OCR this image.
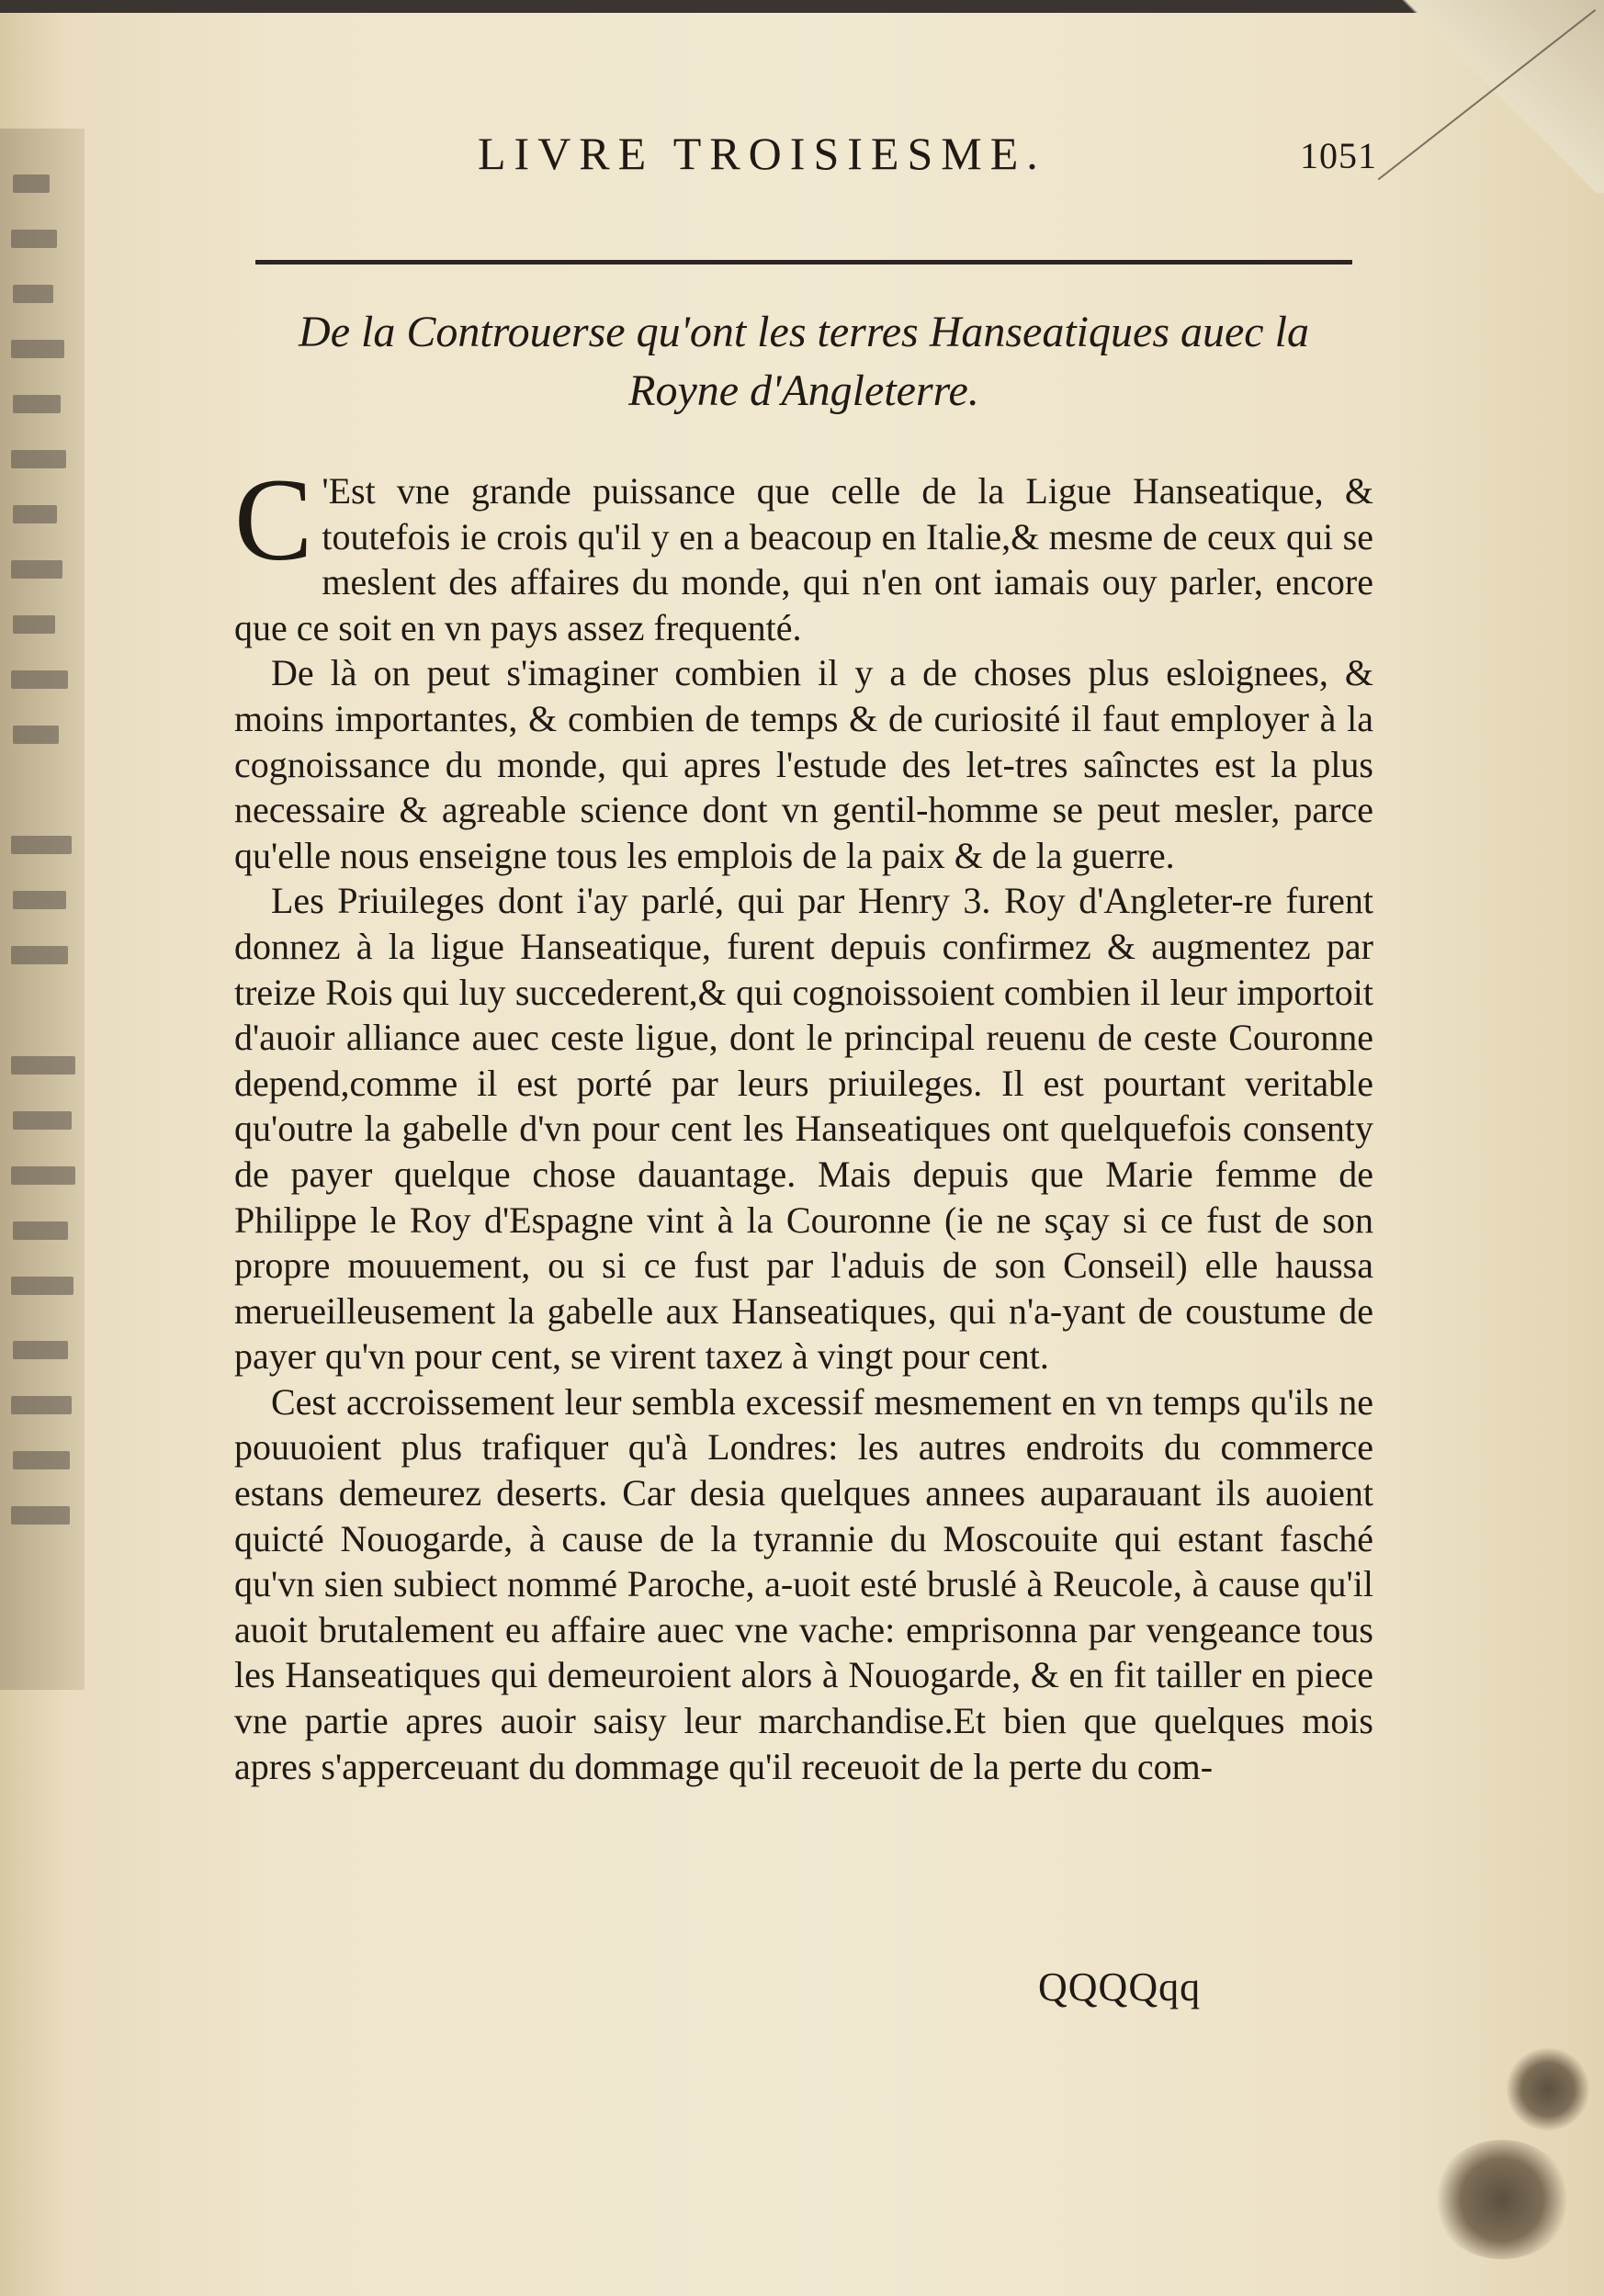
LIVRE TROISIESME.	1051
De la Controuerse qu'ont les terres Hanseatiques auec la
Royne d'Angleterre.

C 'Est vne grande puissance que celle de la Ligue Hanseatique, & toutefois ie crois qu'il y en a beacoup en Italie,& mesme de ceux qui se meslent des affaires du monde, qui n'en ont iamais ouy parler, encore que ce soit en vn pays assez frequenté.

De là on peut s'imaginer combien il y a de choses plus esloignees, & moins importantes, & combien de temps & de curiosité il faut employer à la cognoissance du monde, qui apres l'estude des let-tres saînctes est la plus necessaire & agreable science dont vn gentil-homme se peut mesler, parce qu'elle nous enseigne tous les emplois de la paix & de la guerre.

Les Priuileges dont i'ay parlé, qui par Henry 3. Roy d'Angleter-re furent donnez à la ligue Hanseatique, furent depuis confirmez & augmentez par treize Rois qui luy succederent,& qui cognoissoient combien il leur importoit d'auoir alliance auec ceste ligue, dont le principal reuenu de ceste Couronne depend,comme il est porté par leurs priuileges. Il est pourtant veritable qu'outre la gabelle d'vn pour cent les Hanseatiques ont quelquefois consenty de payer quelque chose dauantage. Mais depuis que Marie femme de Philippe le Roy d'Espagne vint à la Couronne (ie ne sçay si ce fust de son propre mouuement, ou si ce fust par l'aduis de son Conseil) elle haussa merueilleusement la gabelle aux Hanseatiques, qui n'a-yant de coustume de payer qu'vn pour cent, se virent taxez à vingt pour cent.

Cest accroissement leur sembla excessif mesmement en vn temps qu'ils ne pouuoient plus trafiquer qu'à Londres: les autres endroits du commerce estans demeurez deserts. Car desia quelques annees auparauant ils auoient quicté Nouogarde, à cause de la tyrannie du Moscouite qui estant fasché qu'vn sien subiect nommé Paroche, a-uoit esté bruslé à Reucole, à cause qu'il auoit brutalement eu affaire auec vne vache: emprisonna par vengeance tous les Hanseatiques qui demeuroient alors à Nouogarde, & en fit tailler en piece vne partie apres auoir saisy leur marchandise.Et bien que quelques mois apres s'apperceuant du dommage qu'il receuoit de la perte du com-

QQQQqq
